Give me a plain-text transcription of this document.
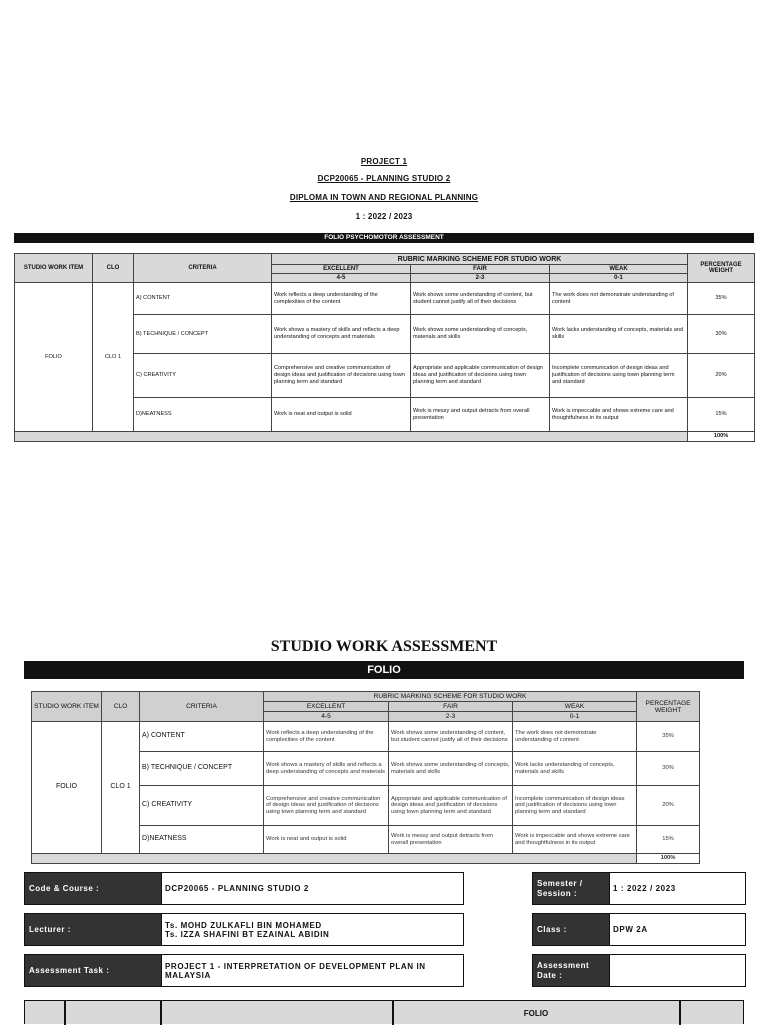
PROJECT 1
DCP20065 - PLANNING STUDIO 2
DIPLOMA IN TOWN AND REGIONAL PLANNING
1 : 2022 / 2023
FOLIO PSYCHOMOTOR ASSESSMENT
STUDIO WORK ITEM	CLO	CRITERIA	RUBRIC MARKING SCHEME FOR STUDIO WORK			PERCENTAGE WEIGHT
			EXCELLENT	FAIR	WEAK	
			4-5	2-3	0-1	
FOLIO	CLO 1	A) CONTENT	Work reflects a deep understanding of the complexities of the content	Work shows some understanding of content, but student cannot justify all of their decisions	The work does not demonstrate understanding of content	35%
		B) TECHNIQUE / CONCEPT	Work shows a mastery of skills and reflects a deep understanding of concepts and materials	Work shows some understanding of concepts, materials and skills	Work lacks understanding of concepts, materials and skills	30%
		C) CREATIVITY	Comprehensive and creative communication of design ideas and justification of decisions using town planning term and standard	Appropriate and applicable communication of design ideas and justification of decisions using town planning term and standard	Incomplete communication of design ideas and justification of decisions using town planning term and standard	20%
		D)NEATNESS	Work is neat and output is solid	Work is messy and output detracts from overall presentation	Work is impeccable and shows extreme care and thoughtfulness in its output	15%
						100%
STUDIO WORK ASSESSMENT
FOLIO
STUDIO WORK ITEM	CLO	CRITERIA	RUBRIC MARKING SCHEME FOR STUDIO WORK			PERCENTAGE WEIGHT
			EXCELLENT	FAIR	WEAK	
			4-5	2-3	0-1	
FOLIO	CLO 1	A) CONTENT	Work reflects a deep understanding of the complexities of the content	Work shows some understanding of content, but student cannot justify all of their decisions	The work does not demonstrate understanding of content	35%
		B) TECHNIQUE / CONCEPT	Work shows a mastery of skills and reflects a deep understanding of concepts and materials	Work shows some understanding of concepts, materials and skills	Work lacks understanding of concepts, materials and skills	30%
		C) CREATIVITY	Comprehensive and creative communication of design ideas and justification of decisions using town planning term and standard	Appropriate and applicable communication of design ideas and justification of decisions using town planning term and standard	Incomplete communication of design ideas and justification of decisions using town planning term and standard	20%
		D)NEATNESS	Work is neat and output is solid	Work is messy and output detracts from overall presentation	Work is impeccable and shows extreme care and thoughtfulness in its output	15%
						100%
Code & Course :	DCP20065 - PLANNING STUDIO 2
Semester / Session :	1 : 2022 / 2023
Lecturer :	Ts. MOHD ZULKAFLI BIN MOHAMED
Ts. IZZA SHAFINI BT EZAINAL ABIDIN	Class :	DPW 2A
Assessment Task :	PROJECT 1 - INTERPRETATION OF DEVELOPMENT PLAN IN MALAYSIA
Assessment Date :
FOLIO
